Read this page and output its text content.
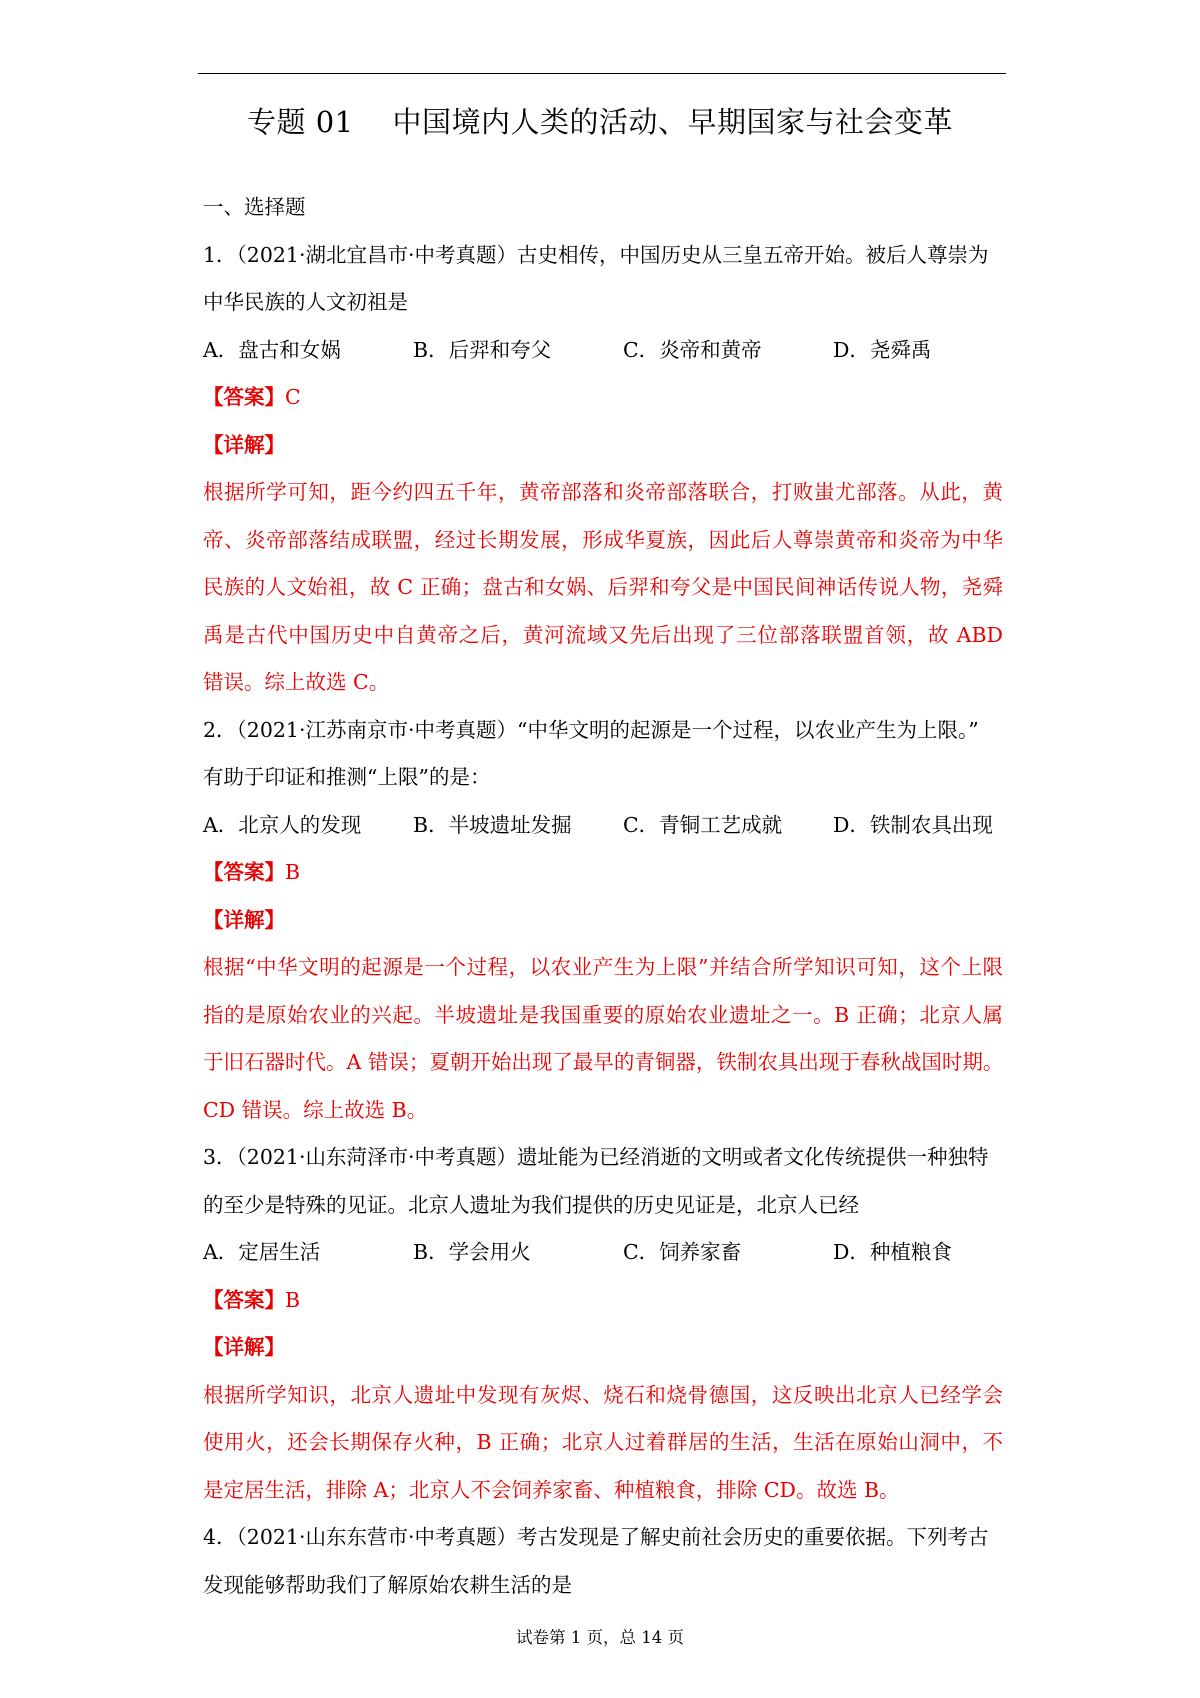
专题 01    中国境内人类的活动、早期国家与社会变革
一、选择题
1．（2021·湖北宜昌市·中考真题）古史相传，中国历史从三皇五帝开始。被后人尊崇为
中华民族的人文初祖是
A．盘古和女娲	B．后羿和夸父	C．炎帝和黄帝	D．尧舜禹
【答案】C
【详解】
根据所学可知，距今约四五千年，黄帝部落和炎帝部落联合，打败蚩尤部落。从此，黄
帝、炎帝部落结成联盟，经过长期发展，形成华夏族，因此后人尊崇黄帝和炎帝为中华
民族的人文始祖，故 C 正确；盘古和女娲、后羿和夸父是中国民间神话传说人物，尧舜
禹是古代中国历史中自黄帝之后，黄河流域又先后出现了三位部落联盟首领，故 ABD
错误。综上故选 C。
2．（2021·江苏南京市·中考真题）“中华文明的起源是一个过程，以农业产生为上限。”
有助于印证和推测“上限”的是：
A．北京人的发现	B．半坡遗址发掘	C．青铜工艺成就	D．铁制农具出现
【答案】B
【详解】
根据“中华文明的起源是一个过程，以农业产生为上限”并结合所学知识可知，这个上限
指的是原始农业的兴起。半坡遗址是我国重要的原始农业遗址之一。B 正确；北京人属
于旧石器时代。A 错误；夏朝开始出现了最早的青铜器，铁制农具出现于春秋战国时期。
CD 错误。综上故选 B。
3．（2021·山东菏泽市·中考真题）遗址能为已经消逝的文明或者文化传统提供一种独特
的至少是特殊的见证。北京人遗址为我们提供的历史见证是，北京人已经
A．定居生活	B．学会用火	C．饲养家畜	D．种植粮食
【答案】B
【详解】
根据所学知识，北京人遗址中发现有灰烬、烧石和烧骨德国，这反映出北京人已经学会
使用火，还会长期保存火种，B 正确；北京人过着群居的生活，生活在原始山洞中，不
是定居生活，排除 A；北京人不会饲养家畜、种植粮食，排除 CD。故选 B。
4．（2021·山东东营市·中考真题）考古发现是了解史前社会历史的重要依据。下列考古
发现能够帮助我们了解原始农耕生活的是
试卷第 1 页，总 14 页
